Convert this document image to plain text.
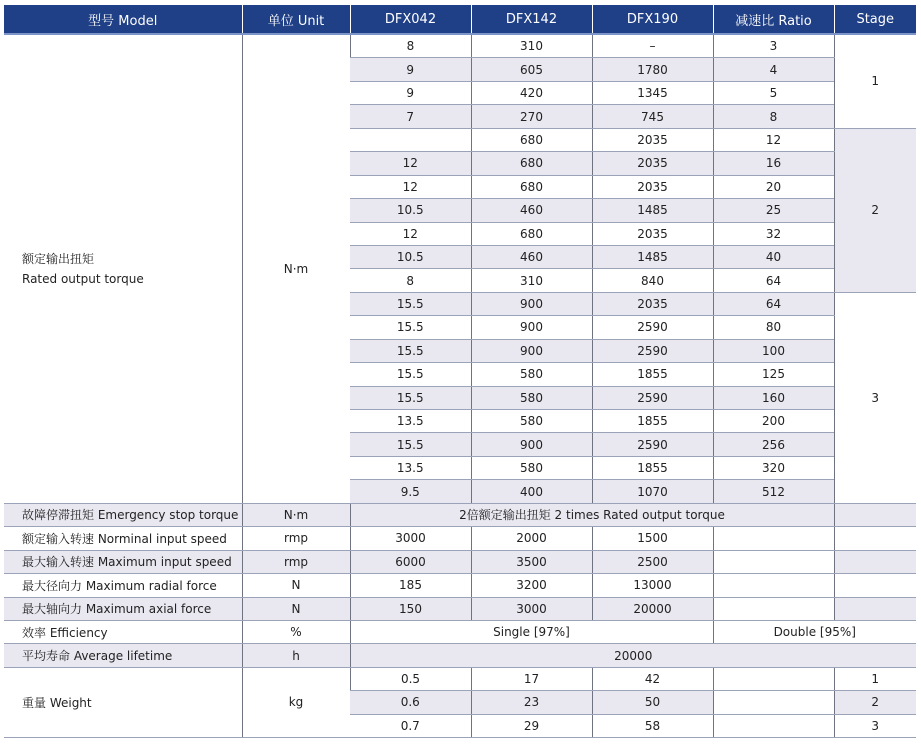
型号 Model	单位 Unit	DFX042	DFX142	DFX190	减速比 Ratio	Stage

额定输出扭矩
Rated output torque	N·m	8	310	–	3	1
		9	605	1780	4	
		9	420	1345	5	
		7	270	745	8	
			680	2035	12	2
		12	680	2035	16	
		12	680	2035	20	
		10.5	460	1485	25	
		12	680	2035	32	
		10.5	460	1485	40	
		8	310	840	64	
		15.5	900	2035	64	3
		15.5	900	2590	80	
		15.5	900	2590	100	
		15.5	580	1855	125	
		15.5	580	2590	160	
		13.5	580	1855	200	
		15.5	900	2590	256	
		13.5	580	1855	320	
		9.5	400	1070	512	
故障停滞扭矩 Emergency stop torque	N·m	2倍额定输出扭矩 2 times Rated output torque				
额定输入转速 Norminal input speed	rmp	3000	2000	1500		
最大输入转速 Maximum input speed	rmp	6000	3500	2500		
最大径向力 Maximum radial force	N	185	3200	13000		
最大轴向力 Maximum axial force	N	150	3000	20000		
效率 Efficiency	%	Single [97%]			Double [95%]	
平均寿命 Average lifetime	h	20000				
重量 Weight	kg	0.5	17	42		1
		0.6	23	50		2
		0.7	29	58		3
